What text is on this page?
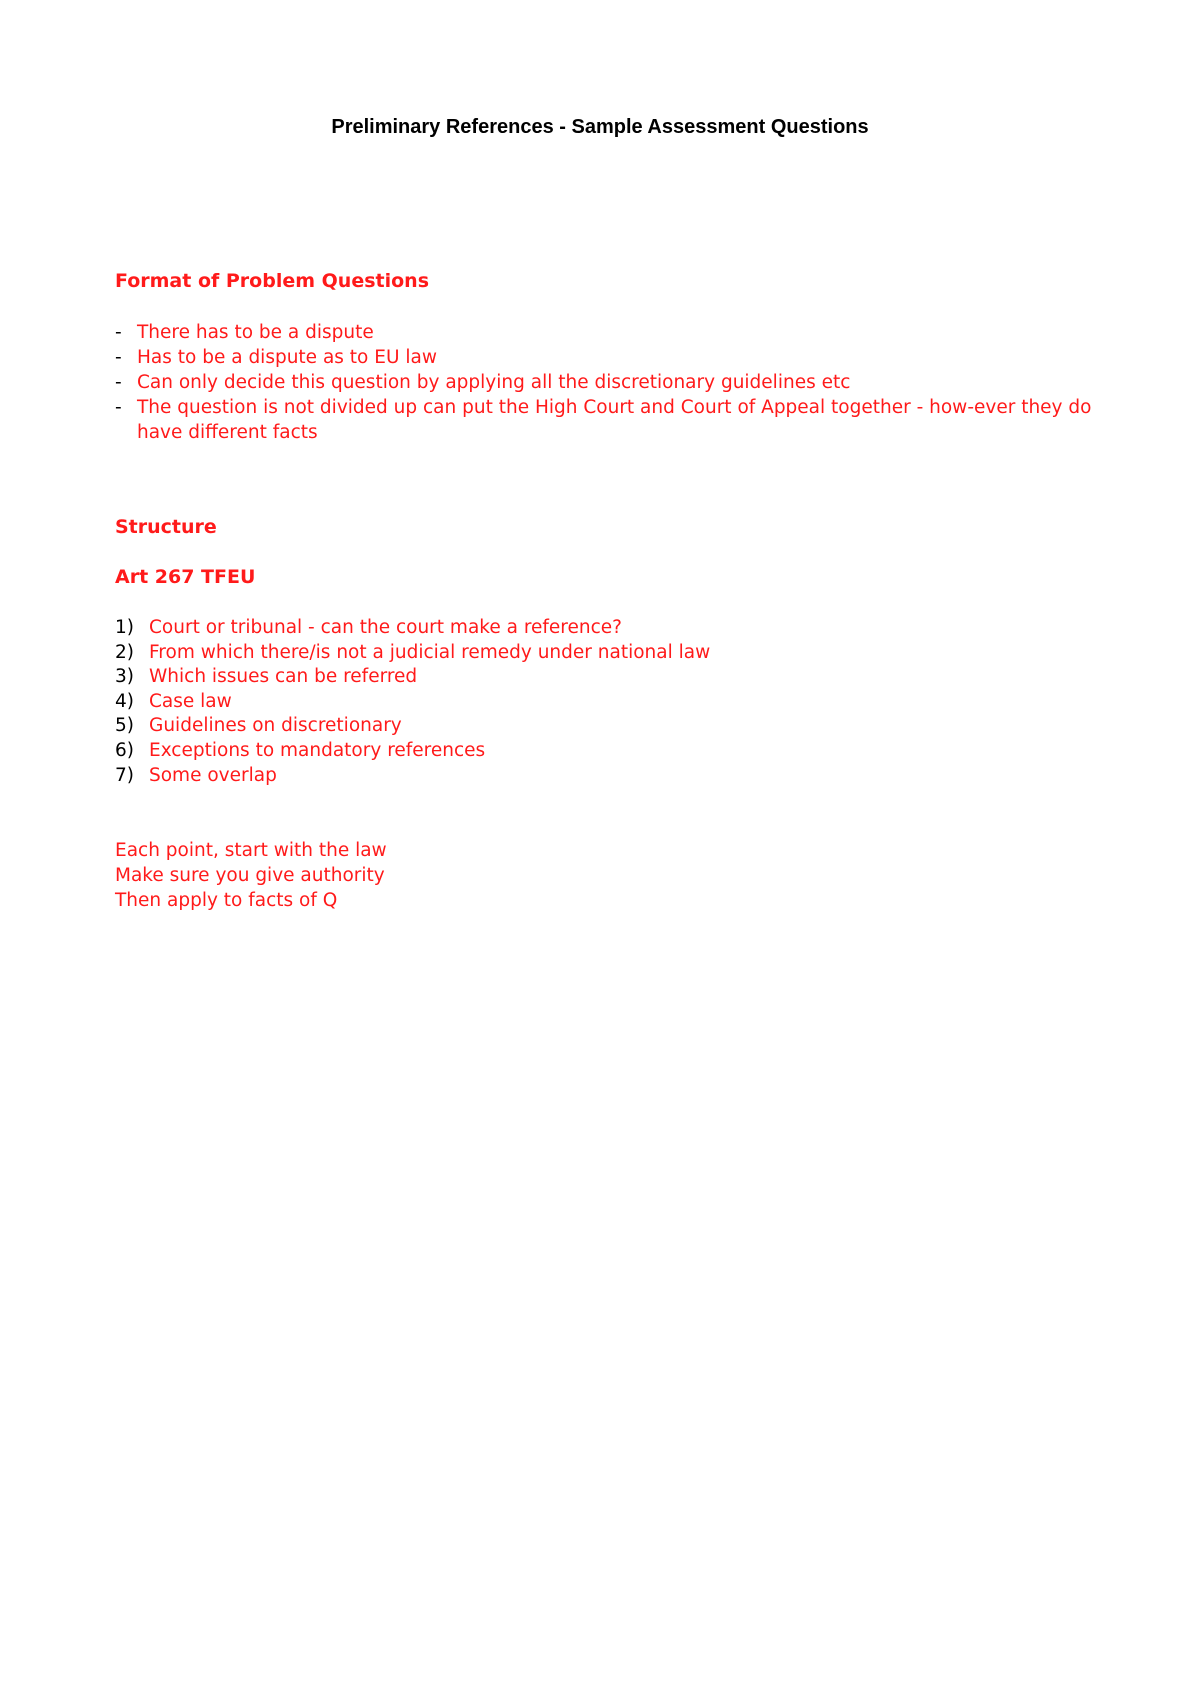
Preliminary References - Sample Assessment Questions
Format of Problem Questions
- There has to be a dispute
- Has to be a dispute as to EU law
- Can only decide this question by applying all the discretionary guidelines etc
- The question is not divided up can put the High Court and Court of Appeal together - how-ever they do have different facts
Structure
Art 267 TFEU
1) Court or tribunal - can the court make a reference?
2) From which there/is not a judicial remedy under national law
3) Which issues can be referred
4) Case law
5) Guidelines on discretionary
6) Exceptions to mandatory references
7) Some overlap
Each point, start with the law
Make sure you give authority
Then apply to facts of Q
